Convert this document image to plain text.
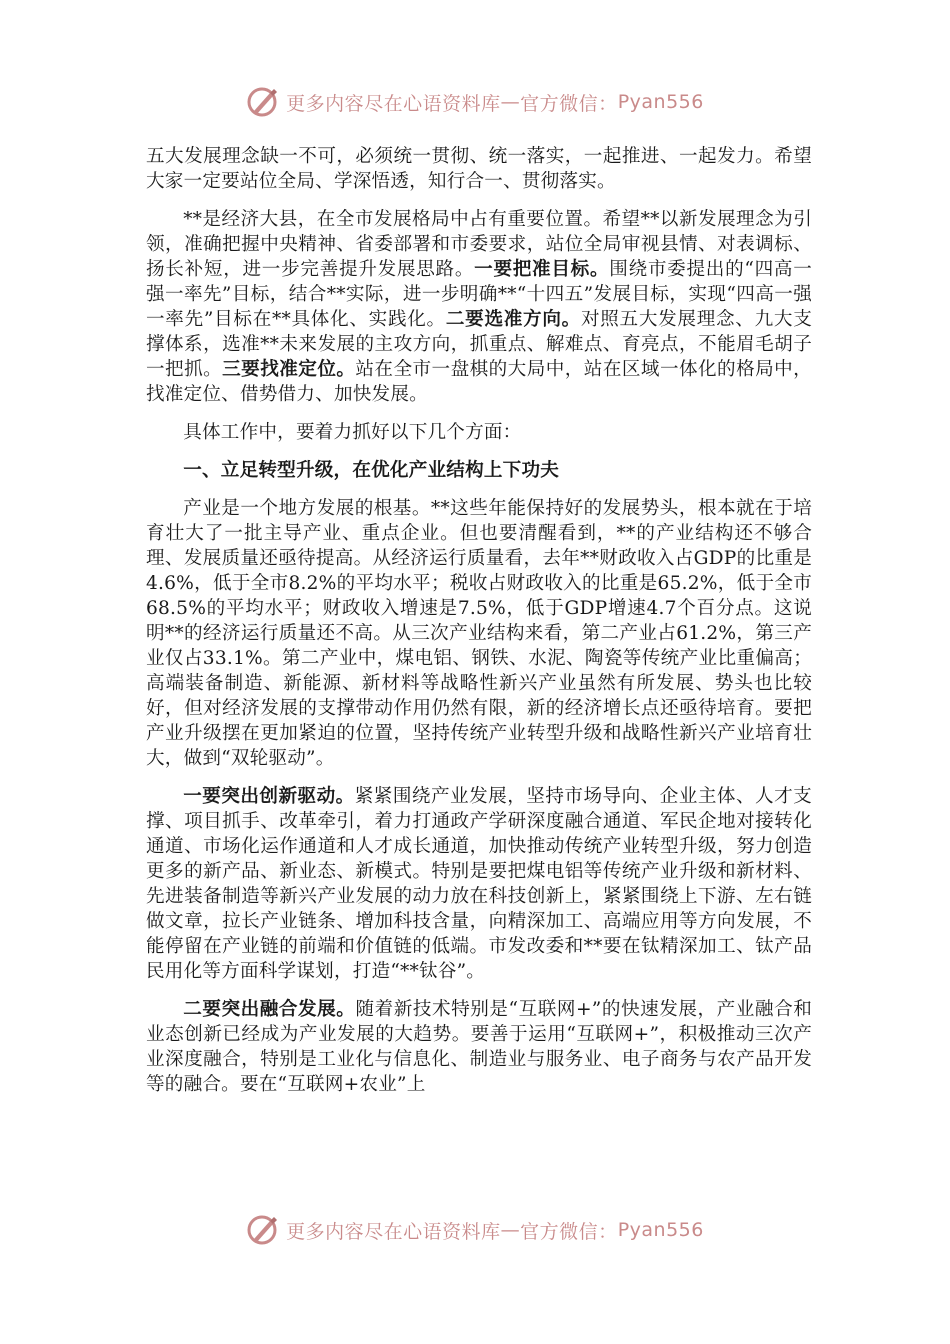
更多内容尽在心语资料库 — 官方微信： Pyan556

五大发展理念缺一不可，必须统一贯彻、统一落实，一起推进、一起发力。希望大家一定要站位全局、学深悟透，知行合一、贯彻落实。

**是经济大县，在全市发展格局中占有重要位置。希望**以新发展理念为引领，准确把握中央精神、省委部署和市委要求，站位全局审视县情、对表调标、扬长补短，进一步完善提升发展思路。一要把准目标。围绕市委提出的“四高一强一率先”目标，结合**实际，进一步明确**“十四五”发展目标，实现“四高一强一率先”目标在**具体化、实践化。二要选准方向。对照五大发展理念、九大支撑体系，选准**未来发展的主攻方向，抓重点、解难点、育亮点，不能眉毛胡子一把抓。三要找准定位。站在全市一盘棋的大局中，站在区域一体化的格局中，找准定位、借势借力、加快发展。

具体工作中，要着力抓好以下几个方面：

一、立足转型升级，在优化产业结构上下功夫

产业是一个地方发展的根基。**这些年能保持好的发展势头，根本就在于培育壮大了一批主导产业、重点企业。但也要清醒看到，**的产业结构还不够合理、发展质量还亟待提高。从经济运行质量看，去年**财政收入占GDP的比重是4.6%，低于全市8.2%的平均水平；税收占财政收入的比重是65.2%，低于全市68.5%的平均水平；财政收入增速是7.5%，低于GDP增速4.7个百分点。这说明**的经济运行质量还不高。从三次产业结构来看，第二产业占61.2%，第三产业仅占33.1%。第二产业中，煤电铝、钢铁、水泥、陶瓷等传统产业比重偏高；高端装备制造、新能源、新材料等战略性新兴产业虽然有所发展、势头也比较好，但对经济发展的支撑带动作用仍然有限，新的经济增长点还亟待培育。要把产业升级摆在更加紧迫的位置，坚持传统产业转型升级和战略性新兴产业培育壮大，做到“双轮驱动”。

一要突出创新驱动。紧紧围绕产业发展，坚持市场导向、企业主体、人才支撑、项目抓手、改革牵引，着力打通政产学研深度融合通道、军民企地对接转化通道、市场化运作通道和人才成长通道，加快推动传统产业转型升级，努力创造更多的新产品、新业态、新模式。特别是要把煤电铝等传统产业升级和新材料、先进装备制造等新兴产业发展的动力放在科技创新上，紧紧围绕上下游、左右链做文章，拉长产业链条、增加科技含量，向精深加工、高端应用等方向发展，不能停留在产业链的前端和价值链的低端。市发改委和**要在钛精深加工、钛产品民用化等方面科学谋划，打造“**钛谷”。

二要突出融合发展。随着新技术特别是“互联网+”的快速发展，产业融合和业态创新已经成为产业发展的大趋势。要善于运用“互联网+”，积极推动三次产业深度融合，特别是工业化与信息化、制造业与服务业、电子商务与农产品开发等的融合。要在“互联网+农业”上

更多内容尽在心语资料库 — 官方微信： Pyan556
